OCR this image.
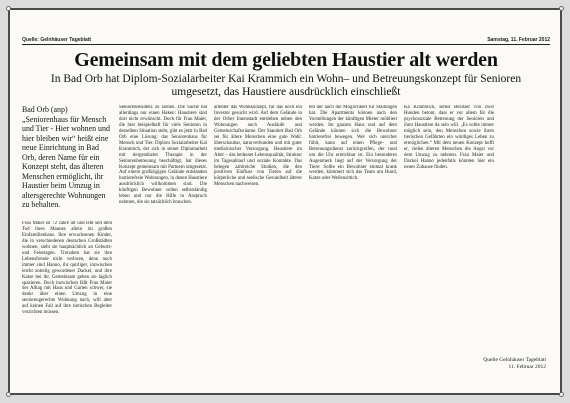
Quelle: Gelnhäuser Tageblatt	Samstag, 11. Februar 2012
Gemeinsam mit dem geliebten Haustier alt werden
In Bad Orb hat Diplom-Sozialarbeiter Kai Krammich ein Wohn– und Betreuungskonzept für Senioren
umgesetzt, das Haustiere ausdrücklich einschließt
Bad Orb (anp) „Seniorenhaus für Mensch und Tier - Hier wohnen und hier bleiben wir“ heißt eine neue Einrichtung in Bad Orb, deren Name für ein Konzept steht, das älteren Menschen ermöglicht, ihr Haustier beim Umzug in altersgerechte Wohnungen zu behalten.

Frau Maier ist 72 Jahre alt und lebt seit dem Tod ihres Mannes allein im großen Einfamilienhaus. Ihre erwachsenen Kinder, die in verschiedenen deutschen Großstädten wohnen, sieht sie hauptsächlich an Geburts- und Feiertagen. Trotzdem hat sie ihre Lebensfreude nicht verloren, denn noch immer sind Hanno, ihr quirliger, inzwischen leicht zottelig gewordener Dackel, und ihre Katze bei ihr. Gemeinsam gehen sie täglich spazieren. Doch inzwischen fällt Frau Maier der Alltag mit Haus und Garten schwer, sie denkt über einen Umzug in eine seniorengerechte Wohnung nach, will aber auf keinen Fall auf ihre tierischen Begleiter verzichten müssen.

Seniorenresidenz zu ziehen. Die Sache hat allerdings nur einen Haken: Haustiere sind dort nicht erwünscht. Doch für Frau Maier, die hier beispielhaft für viele Senioren in derselben Situation steht, gibt es jetzt in Bad Orb eine Lösung: das Seniorenhaus für Mensch und Tier. Diplom Sozialarbeiter Kai Krammich, der sich in seiner Diplomarbeit mit tiergestützter Therapie in der Seniorenbetreuung beschäftigt, hat dieses Konzept gemeinsam mit Partnern umgesetzt. Auf einem großzügigen Gelände entstanden barrierefreie Wohnungen, in denen Haustiere ausdrücklich willkommen sind. Die künftigen Bewohner sollen selbstständig leben und nur die Hilfe in Anspruch nehmen, die sie tatsächlich brauchen.

arbeiter das Wohnkonzept, für das noch ein Investor gesucht wird. Auf dem Gelände in der Orber Innenstadt entstehen neben den Wohnungen auch Ausläufe und Gemeinschaftsräume. Der Standort Bad Orb sei für ältere Menschen eine gute Wahl: überschaubar, naturverbunden und mit guter medizinischer Versorgung. Haustiere im Alter – das bedeutet Lebensqualität, Struktur im Tagesablauf und soziale Kontakte. Das belegen zahlreiche Studien, die den positiven Einfluss von Tieren auf die körperliche und seelische Gesundheit älterer Menschen nachweisen.

ten der auch die Möglichkeit für Stallungen hat. Die Apartments können nach den Vorstellungen der künftigen Mieter möbliert werden. Im ganzen Haus und auf dem Gelände können sich die Bewohner barrierefrei bewegen. Wer sich unsicher fühlt, kann auf einen Pflege- und Betreuungsdienst zurückgreifen, der rund um die Uhr erreichbar ist. Ein besonderes Augenmerk liegt auf der Versorgung der Tiere: Sollte ein Bewohner einmal krank werden, kümmert sich das Team um Hund, Katze oder Wellensittich.

Ka Krammich, selbst Besitzer von zwei Hunden betont, dass er vor allem für die psychosoziale Betreuung der Senioren und ihrer Haustiere da sein will. „Es sollte immer möglich sein, den Menschen sowie ihren tierischen Gefährten ein würdiges Leben zu ermöglichen.“ Mit dem neuen Konzept hofft er, vielen älteren Menschen die Angst vor dem Umzug zu nehmen. Frau Maier und Dackel Hanno jedenfalls könnten hier ein neues Zuhause finden.

Quelle Gelnhäuser Tageblatt
11. Februar 2012
